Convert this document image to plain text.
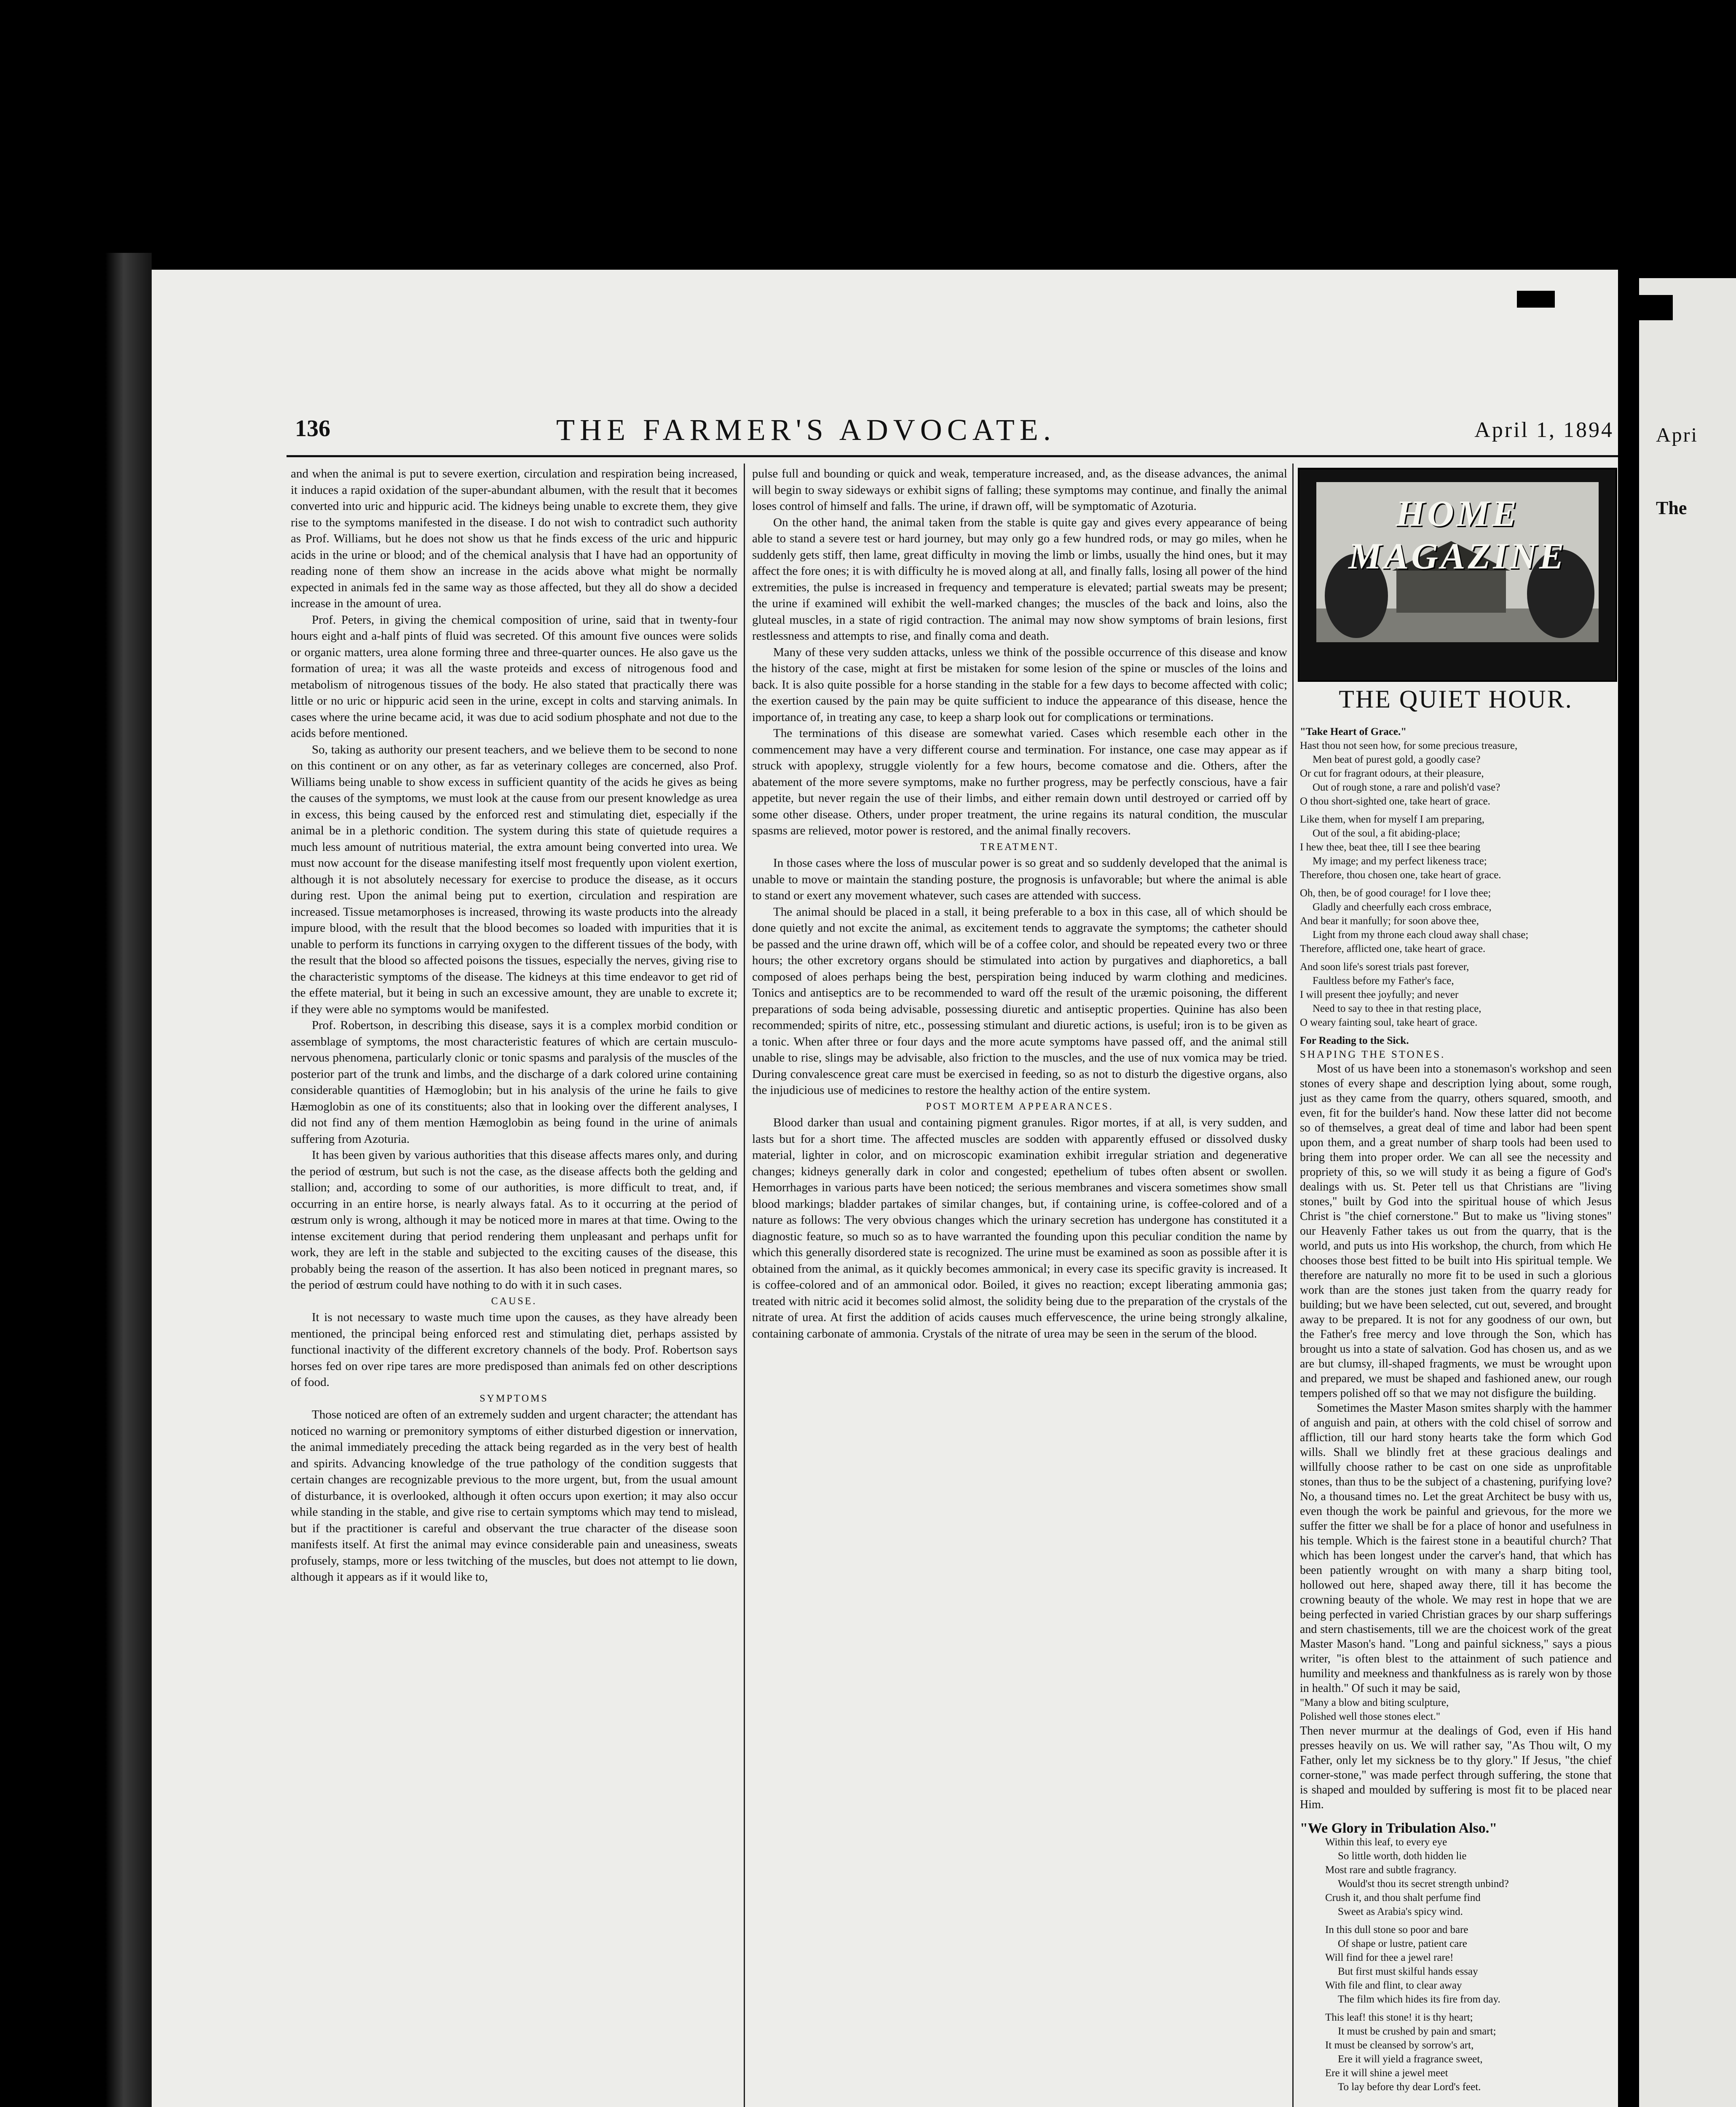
136	THE FARMER'S ADVOCATE.	April 1, 1894

and when the animal is put to severe exertion, circulation and respiration being increased, it induces a rapid oxidation of the super-abundant albumen, with the result that it becomes converted into uric and hippuric acid. The kidneys being unable to excrete them, they give rise to the symptoms manifested in the disease. I do not wish to contradict such authority as Prof. Williams, but he does not show us that he finds excess of the uric and hippuric acids in the urine or blood; and of the chemical analysis that I have had an opportunity of reading none of them show an increase in the acids above what might be normally expected in animals fed in the same way as those affected, but they all do show a decided increase in the amount of urea.

Prof. Peters, in giving the chemical composition of urine, said that in twenty-four hours eight and a-half pints of fluid was secreted. Of this amount five ounces were solids or organic matters, urea alone forming three and three-quarter ounces. He also gave us the formation of urea; it was all the waste proteids and excess of nitrogenous food and metabolism of nitrogenous tissues of the body. He also stated that practically there was little or no uric or hippuric acid seen in the urine, except in colts and starving animals. In cases where the urine became acid, it was due to acid sodium phosphate and not due to the acids before mentioned.

So, taking as authority our present teachers, and we believe them to be second to none on this continent or on any other, as far as veterinary colleges are concerned, also Prof. Williams being unable to show excess in sufficient quantity of the acids he gives as being the causes of the symptoms, we must look at the cause from our present knowledge as urea in excess, this being caused by the enforced rest and stimulating diet, especially if the animal be in a plethoric condition. The system during this state of quietude requires a much less amount of nutritious material, the extra amount being converted into urea. We must now account for the disease manifesting itself most frequently upon violent exertion, although it is not absolutely necessary for exercise to produce the disease, as it occurs during rest. Upon the animal being put to exertion, circulation and respiration are increased. Tissue metamorphoses is increased, throwing its waste products into the already impure blood, with the result that the blood becomes so loaded with impurities that it is unable to perform its functions in carrying oxygen to the different tissues of the body, with the result that the blood so affected poisons the tissues, especially the nerves, giving rise to the characteristic symptoms of the disease. The kidneys at this time endeavor to get rid of the effete material, but it being in such an excessive amount, they are unable to excrete it; if they were able no symptoms would be manifested.

Prof. Robertson, in describing this disease, says it is a complex morbid condition or assemblage of symptoms, the most characteristic features of which are certain musculo-nervous phenomena, particularly clonic or tonic spasms and paralysis of the muscles of the posterior part of the trunk and limbs, and the discharge of a dark colored urine containing considerable quantities of Hæmoglobin; but in his analysis of the urine he fails to give Hæmoglobin as one of its constituents; also that in looking over the different analyses, I did not find any of them mention Hæmoglobin as being found in the urine of animals suffering from Azoturia.

It has been given by various authorities that this disease affects mares only, and during the period of œstrum, but such is not the case, as the disease affects both the gelding and stallion; and, according to some of our authorities, is more difficult to treat, and, if occurring in an entire horse, is nearly always fatal. As to it occurring at the period of œstrum only is wrong, although it may be noticed more in mares at that time. Owing to the intense excitement during that period rendering them unpleasant and perhaps unfit for work, they are left in the stable and subjected to the exciting causes of the disease, this probably being the reason of the assertion. It has also been noticed in pregnant mares, so the period of œstrum could have nothing to do with it in such cases.

CAUSE.

It is not necessary to waste much time upon the causes, as they have already been mentioned, the principal being enforced rest and stimulating diet, perhaps assisted by functional inactivity of the different excretory channels of the body. Prof. Robertson says horses fed on over ripe tares are more predisposed than animals fed on other descriptions of food.

SYMPTOMS

Those noticed are often of an extremely sudden and urgent character; the attendant has noticed no warning or premonitory symptoms of either disturbed digestion or innervation, the animal immediately preceding the attack being regarded as in the very best of health and spirits. Advancing knowledge of the true pathology of the condition suggests that certain changes are recognizable previous to the more urgent, but, from the usual amount of disturbance, it is overlooked, although it often occurs upon exertion; it may also occur while standing in the stable, and give rise to certain symptoms which may tend to mislead, but if the practitioner is careful and observant the true character of the disease soon manifests itself. At first the animal may evince considerable pain and uneasiness, sweats profusely, stamps, more or less twitching of the muscles, but does not attempt to lie down, although it appears as if it would like to,

pulse full and bounding or quick and weak, temperature increased, and, as the disease advances, the animal will begin to sway sideways or exhibit signs of falling; these symptoms may continue, and finally the animal loses control of himself and falls. The urine, if drawn off, will be symptomatic of Azoturia.

On the other hand, the animal taken from the stable is quite gay and gives every appearance of being able to stand a severe test or hard journey, but may only go a few hundred rods, or may go miles, when he suddenly gets stiff, then lame, great difficulty in moving the limb or limbs, usually the hind ones, but it may affect the fore ones; it is with difficulty he is moved along at all, and finally falls, losing all power of the hind extremities, the pulse is increased in frequency and temperature is elevated; partial sweats may be present; the urine if examined will exhibit the well-marked changes; the muscles of the back and loins, also the gluteal muscles, in a state of rigid contraction. The animal may now show symptoms of brain lesions, first restlessness and attempts to rise, and finally coma and death.

Many of these very sudden attacks, unless we think of the possible occurrence of this disease and know the history of the case, might at first be mistaken for some lesion of the spine or muscles of the loins and back. It is also quite possible for a horse standing in the stable for a few days to become affected with colic; the exertion caused by the pain may be quite sufficient to induce the appearance of this disease, hence the importance of, in treating any case, to keep a sharp look out for complications or terminations.

The terminations of this disease are somewhat varied. Cases which resemble each other in the commencement may have a very different course and termination. For instance, one case may appear as if struck with apoplexy, struggle violently for a few hours, become comatose and die. Others, after the abatement of the more severe symptoms, make no further progress, may be perfectly conscious, have a fair appetite, but never regain the use of their limbs, and either remain down until destroyed or carried off by some other disease. Others, under proper treatment, the urine regains its natural condition, the muscular spasms are relieved, motor power is restored, and the animal finally recovers.

TREATMENT.

In those cases where the loss of muscular power is so great and so suddenly developed that the animal is unable to move or maintain the standing posture, the prognosis is unfavorable; but where the animal is able to stand or exert any movement whatever, such cases are attended with success.

The animal should be placed in a stall, it being preferable to a box in this case, all of which should be done quietly and not excite the animal, as excitement tends to aggravate the symptoms; the catheter should be passed and the urine drawn off, which will be of a coffee color, and should be repeated every two or three hours; the other excretory organs should be stimulated into action by purgatives and diaphoretics, a ball composed of aloes perhaps being the best, perspiration being induced by warm clothing and medicines. Tonics and antiseptics are to be recommended to ward off the result of the uræmic poisoning, the different preparations of soda being advisable, possessing diuretic and antiseptic properties. Quinine has also been recommended; spirits of nitre, etc., possessing stimulant and diuretic actions, is useful; iron is to be given as a tonic. When after three or four days and the more acute symptoms have passed off, and the animal still unable to rise, slings may be advisable, also friction to the muscles, and the use of nux vomica may be tried. During convalescence great care must be exercised in feeding, so as not to disturb the digestive organs, also the injudicious use of medicines to restore the healthy action of the entire system.

POST MORTEM APPEARANCES.

Blood darker than usual and containing pigment granules. Rigor mortes, if at all, is very sudden, and lasts but for a short time. The affected muscles are sodden with apparently effused or dissolved dusky material, lighter in color, and on microscopic examination exhibit irregular striation and degenerative changes; kidneys generally dark in color and congested; epethelium of tubes often absent or swollen. Hemorrhages in various parts have been noticed; the serious membranes and viscera sometimes show small blood markings; bladder partakes of similar changes, but, if containing urine, is coffee-colored and of a nature as follows: The very obvious changes which the urinary secretion has undergone has constituted it a diagnostic feature, so much so as to have warranted the founding upon this peculiar condition the name by which this generally disordered state is recognized. The urine must be examined as soon as possible after it is obtained from the animal, as it quickly becomes ammonical; in every case its specific gravity is increased. It is coffee-colored and of an ammonical odor. Boiled, it gives no reaction; except liberating ammonia gas; treated with nitric acid it becomes solid almost, the solidity being due to the preparation of the crystals of the nitrate of urea. At first the addition of acids causes much effervescence, the urine being strongly alkaline, containing carbonate of ammonia. Crystals of the nitrate of urea may be seen in the serum of the blood.

HOME MAGAZINE
THE QUIET HOUR.

"Take Heart of Grace."

Hast thou not seen how, for some precious treasure,

Men beat of purest gold, a goodly case?

Or cut for fragrant odours, at their pleasure,

Out of rough stone, a rare and polish'd vase?

O thou short-sighted one, take heart of grace.

Like them, when for myself I am preparing,

Out of the soul, a fit abiding-place;

I hew thee, beat thee, till I see thee bearing

My image; and my perfect likeness trace;

Therefore, thou chosen one, take heart of grace.

Oh, then, be of good courage! for I love thee;

Gladly and cheerfully each cross embrace,

And bear it manfully; for soon above thee,

Light from my throne each cloud away shall chase;

Therefore, afflicted one, take heart of grace.

And soon life's sorest trials past forever,

Faultless before my Father's face,

I will present thee joyfully; and never

Need to say to thee in that resting place,

O weary fainting soul, take heart of grace.

For Reading to the Sick.

SHAPING THE STONES.

Most of us have been into a stonemason's workshop and seen stones of every shape and description lying about, some rough, just as they came from the quarry, others squared, smooth, and even, fit for the builder's hand. Now these latter did not become so of themselves, a great deal of time and labor had been spent upon them, and a great number of sharp tools had been used to bring them into proper order. We can all see the necessity and propriety of this, so we will study it as being a figure of God's dealings with us. St. Peter tell us that Christians are "living stones," built by God into the spiritual house of which Jesus Christ is "the chief cornerstone." But to make us "living stones" our Heavenly Father takes us out from the quarry, that is the world, and puts us into His workshop, the church, from which He chooses those best fitted to be built into His spiritual temple. We therefore are naturally no more fit to be used in such a glorious work than are the stones just taken from the quarry ready for building; but we have been selected, cut out, severed, and brought away to be prepared. It is not for any goodness of our own, but the Father's free mercy and love through the Son, which has brought us into a state of salvation. God has chosen us, and as we are but clumsy, ill-shaped fragments, we must be wrought upon and prepared, we must be shaped and fashioned anew, our rough tempers polished off so that we may not disfigure the building.

Sometimes the Master Mason smites sharply with the hammer of anguish and pain, at others with the cold chisel of sorrow and affliction, till our hard stony hearts take the form which God wills. Shall we blindly fret at these gracious dealings and willfully choose rather to be cast on one side as unprofitable stones, than thus to be the subject of a chastening, purifying love? No, a thousand times no. Let the great Architect be busy with us, even though the work be painful and grievous, for the more we suffer the fitter we shall be for a place of honor and usefulness in his temple. Which is the fairest stone in a beautiful church? That which has been longest under the carver's hand, that which has been patiently wrought on with many a sharp biting tool, hollowed out here, shaped away there, till it has become the crowning beauty of the whole. We may rest in hope that we are being perfected in varied Christian graces by our sharp sufferings and stern chastisements, till we are the choicest work of the great Master Mason's hand. "Long and painful sickness," says a pious writer, "is often blest to the attainment of such patience and humility and meekness and thankfulness as is rarely won by those in health." Of such it may be said,

"Many a blow and biting sculpture,

Polished well those stones elect."

Then never murmur at the dealings of God, even if His hand presses heavily on us. We will rather say, "As Thou wilt, O my Father, only let my sickness be to thy glory." If Jesus, "the chief corner-stone," was made perfect through suffering, the stone that is shaped and moulded by suffering is most fit to be placed near Him.

"We Glory in Tribulation Also."

Within this leaf, to every eye

So little worth, doth hidden lie

Most rare and subtle fragrancy.

Would'st thou its secret strength unbind?

Crush it, and thou shalt perfume find

Sweet as Arabia's spicy wind.

In this dull stone so poor and bare

Of shape or lustre, patient care

Will find for thee a jewel rare!

But first must skilful hands essay

With file and flint, to clear away

The film which hides its fire from day.

This leaf! this stone! it is thy heart;

It must be crushed by pain and smart;

It must be cleansed by sorrow's art,

Ere it will yield a fragrance sweet,

Ere it will shine a jewel meet

To lay before thy dear Lord's feet.

Apri
The
